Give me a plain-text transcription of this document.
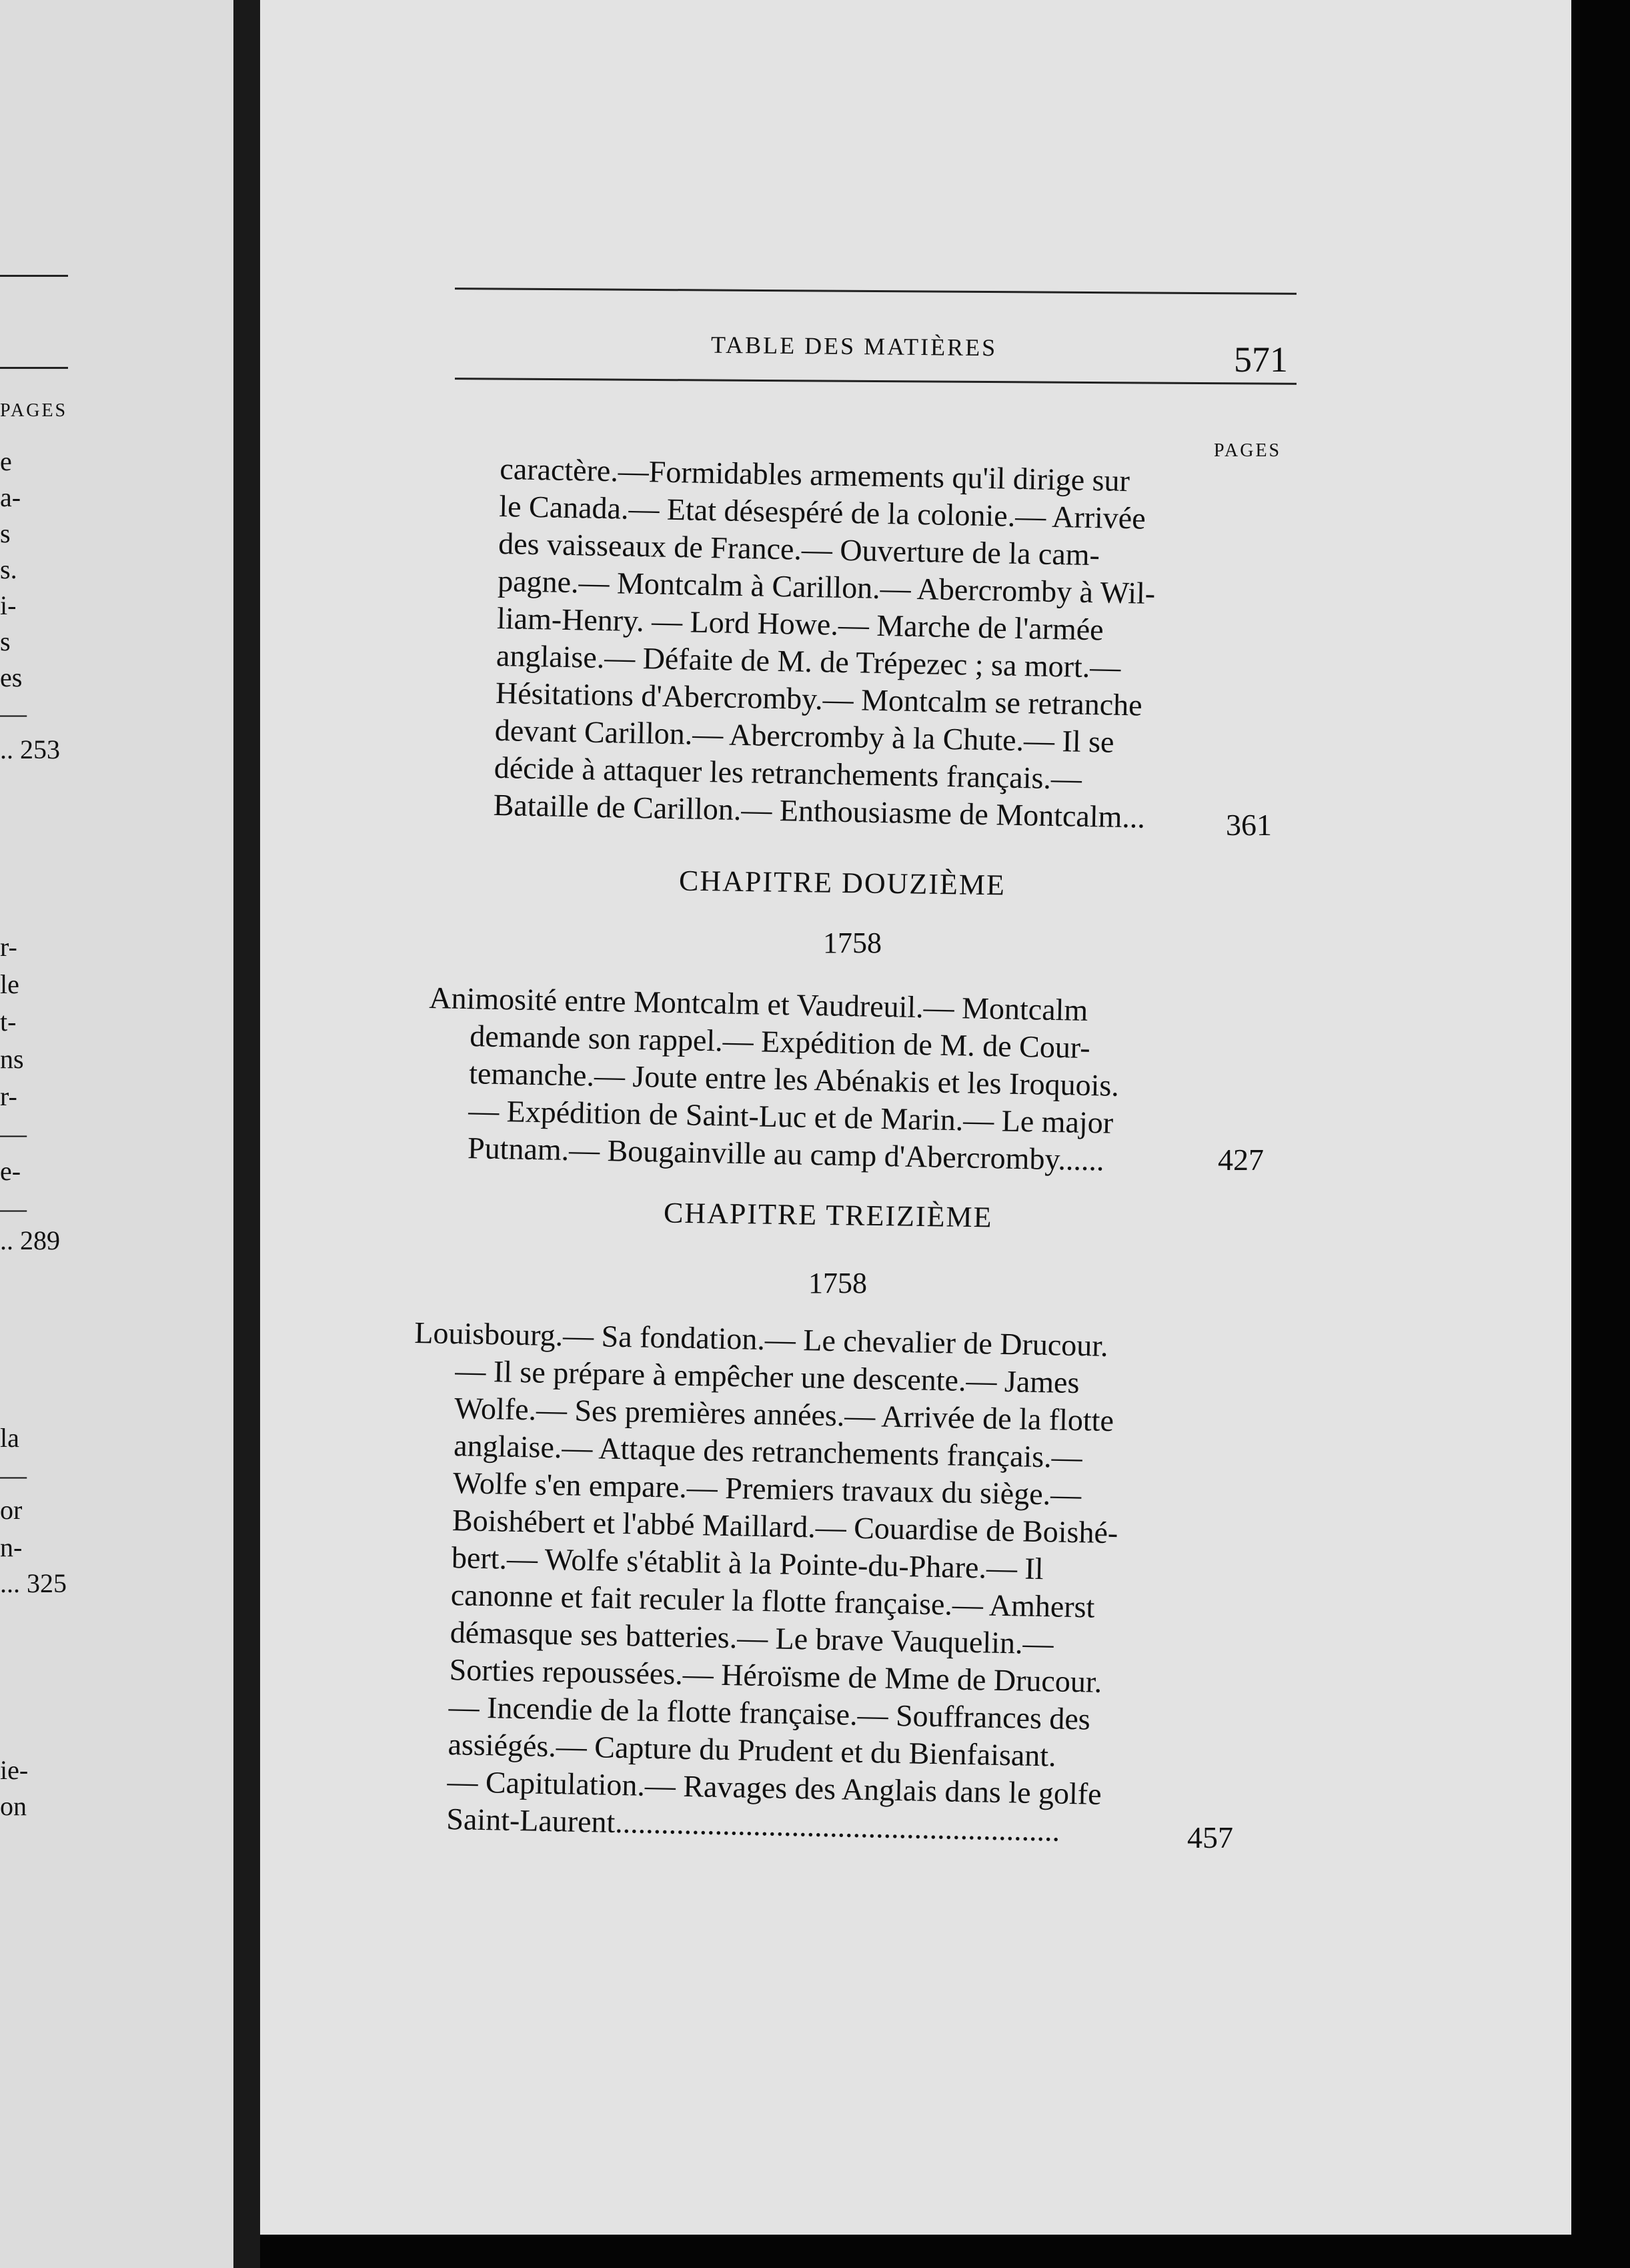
PAGES
e
a-
s
s.
i-
s
es
—
.. 253
r-
le
t-
ns
r-
—
e-
—
.. 289
la
—
or
n-
... 325
ie-
on
TABLE DES MATIÈRES	571
PAGES
caractère.—Formidables armements qu'il dirige sur
le Canada.— Etat désespéré de la colonie.— Arrivée
des vaisseaux de France.— Ouverture de la cam-
pagne.— Montcalm à Carillon.— Abercromby à Wil-
liam-Henry. — Lord Howe.— Marche de l'armée
anglaise.— Défaite de M. de Trépezec ; sa mort.—
Hésitations d'Abercromby.— Montcalm se retranche
devant Carillon.— Abercromby à la Chute.— Il se
décide à attaquer les retranchements français.—
Bataille de Carillon.— Enthousiasme de Montcalm...	361
CHAPITRE DOUZIÈME
1758
Animosité entre Montcalm et Vaudreuil.— Montcalm
demande son rappel.— Expédition de M. de Cour-
temanche.— Joute entre les Abénakis et les Iroquois.
— Expédition de Saint-Luc et de Marin.— Le major
Putnam.— Bougainville au camp d'Abercromby......	427
CHAPITRE TREIZIÈME
1758
Louisbourg.— Sa fondation.— Le chevalier de Drucour.
— Il se prépare à empêcher une descente.— James
Wolfe.— Ses premières années.— Arrivée de la flotte
anglaise.— Attaque des retranchements français.—
Wolfe s'en empare.— Premiers travaux du siège.—
Boishébert et l'abbé Maillard.— Couardise de Boishé-
bert.— Wolfe s'établit à la Pointe-du-Phare.— Il
canonne et fait reculer la flotte française.— Amherst
démasque ses batteries.— Le brave Vauquelin.—
Sorties repoussées.— Héroïsme de Mme de Drucour.
— Incendie de la flotte française.— Souffrances des
assiégés.— Capture du Prudent et du Bienfaisant.
— Capitulation.— Ravages des Anglais dans le golfe
Saint-Laurent..........................................................	457
